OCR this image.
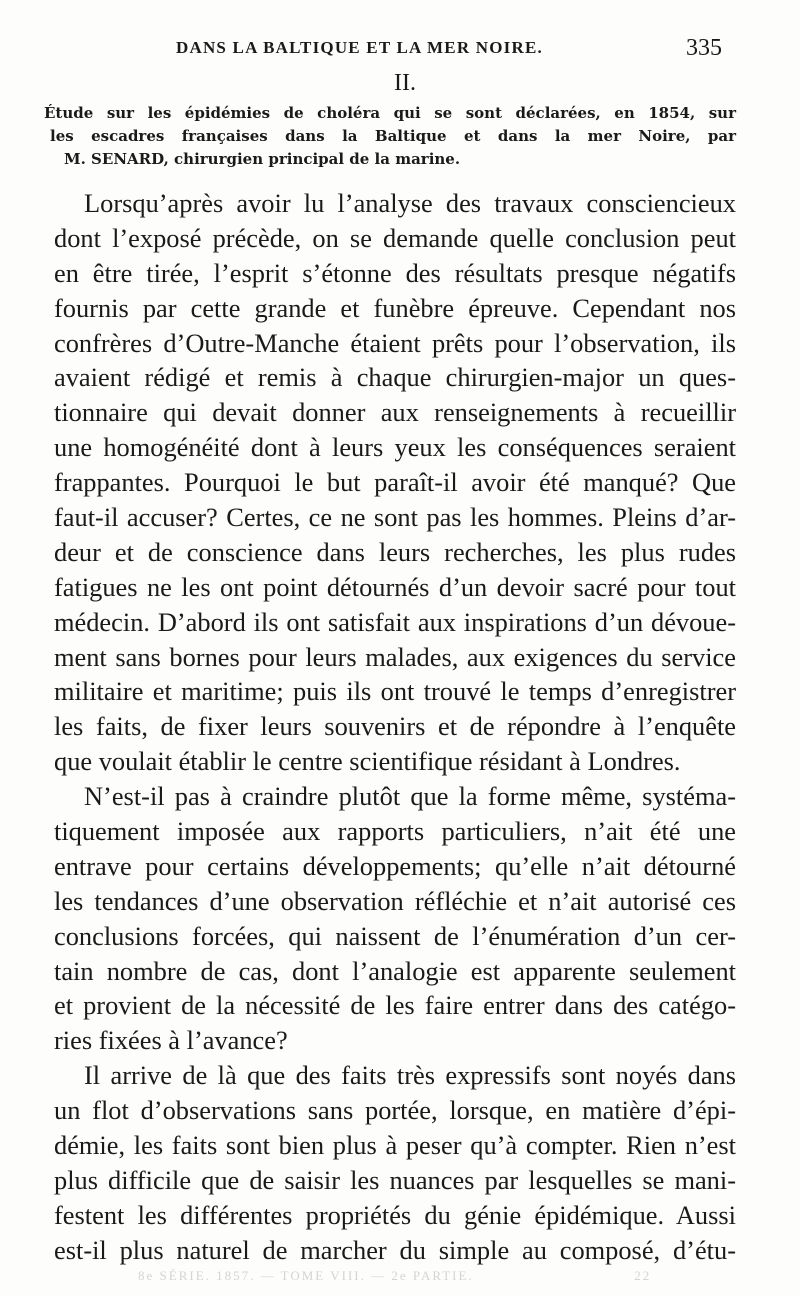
DANS LA BALTIQUE ET LA MER NOIRE.	335
II.
Étude sur les épidémies de choléra qui se sont déclarées, en 1854, sur
les escadres françaises dans la Baltique et dans la mer Noire, par
M. SENARD, chirurgien principal de la marine.
Lorsqu’après avoir lu l’analyse des travaux consciencieux
dont l’exposé précède, on se demande quelle conclusion peut
en être tirée, l’esprit s’étonne des résultats presque négatifs
fournis par cette grande et funèbre épreuve. Cependant nos
confrères d’Outre-Manche étaient prêts pour l’observation, ils
avaient rédigé et remis à chaque chirurgien-major un ques-
tionnaire qui devait donner aux renseignements à recueillir
une homogénéité dont à leurs yeux les conséquences seraient
frappantes. Pourquoi le but paraît-il avoir été manqué? Que
faut-il accuser? Certes, ce ne sont pas les hommes. Pleins d’ar-
deur et de conscience dans leurs recherches, les plus rudes
fatigues ne les ont point détournés d’un devoir sacré pour tout
médecin. D’abord ils ont satisfait aux inspirations d’un dévoue-
ment sans bornes pour leurs malades, aux exigences du service
militaire et maritime; puis ils ont trouvé le temps d’enregistrer
les faits, de fixer leurs souvenirs et de répondre à l’enquête
que voulait établir le centre scientifique résidant à Londres.
N’est-il pas à craindre plutôt que la forme même, systéma-
tiquement imposée aux rapports particuliers, n’ait été une
entrave pour certains développements; qu’elle n’ait détourné
les tendances d’une observation réfléchie et n’ait autorisé ces
conclusions forcées, qui naissent de l’énumération d’un cer-
tain nombre de cas, dont l’analogie est apparente seulement
et provient de la nécessité de les faire entrer dans des catégo-
ries fixées à l’avance?
Il arrive de là que des faits très expressifs sont noyés dans
un flot d’observations sans portée, lorsque, en matière d’épi-
démie, les faits sont bien plus à peser qu’à compter. Rien n’est
plus difficile que de saisir les nuances par lesquelles se mani-
festent les différentes propriétés du génie épidémique. Aussi
est-il plus naturel de marcher du simple au composé, d’étu-
8e SÉRIE. 1857. — TOME VIII. — 2e PARTIE.	22
